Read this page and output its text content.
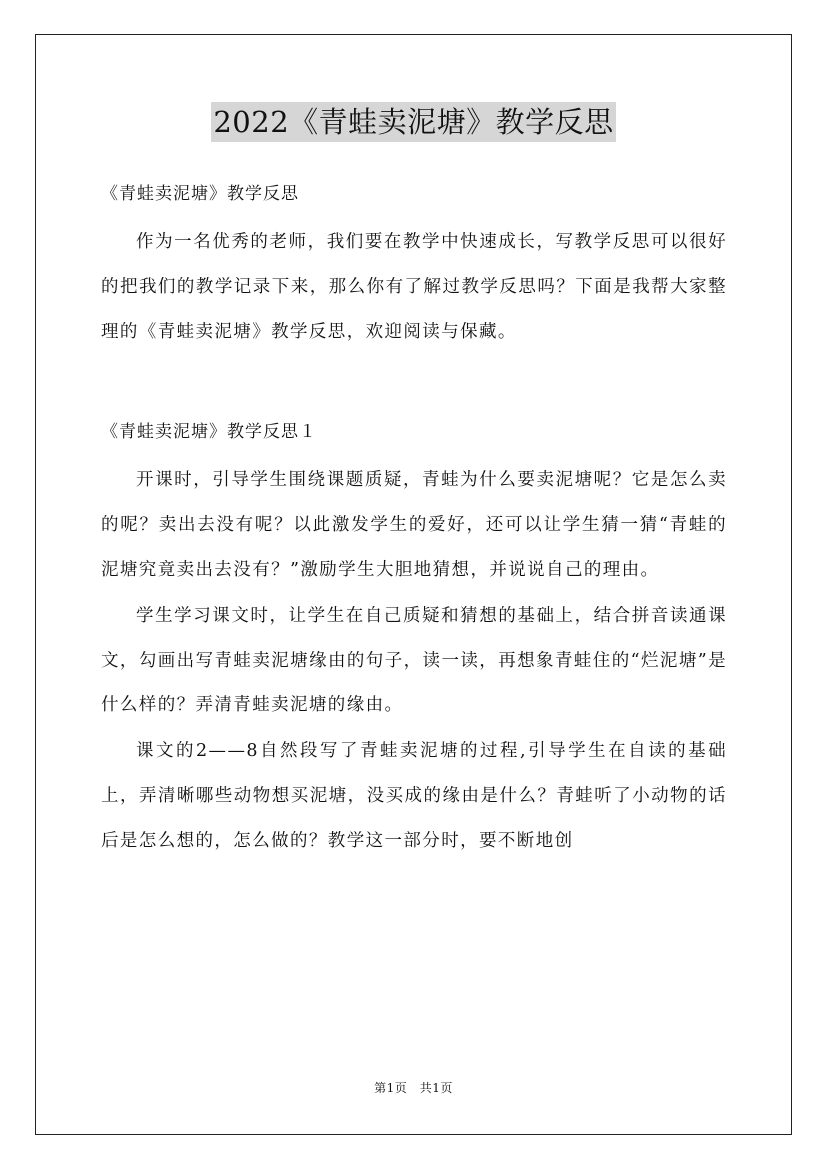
2022《青蛙卖泥塘》教学反思

《青蛙卖泥塘》教学反思

作为一名优秀的老师，我们要在教学中快速成长，写教学反思可以很好的把我们的教学记录下来，那么你有了解过教学反思吗？下面是我帮大家整理的《青蛙卖泥塘》教学反思，欢迎阅读与保藏。

《青蛙卖泥塘》教学反思１

开课时，引导学生围绕课题质疑，青蛙为什么要卖泥塘呢？它是怎么卖的呢？卖出去没有呢？以此激发学生的爱好，还可以让学生猜一猜“青蛙的泥塘究竟卖出去没有？”激励学生大胆地猜想，并说说自己的理由。

学生学习课文时，让学生在自己质疑和猜想的基础上，结合拼音读通课文，勾画出写青蛙卖泥塘缘由的句子，读一读，再想象青蛙住的“烂泥塘”是什么样的？弄清青蛙卖泥塘的缘由。

课文的2——8自然段写了青蛙卖泥塘的过程,引导学生在自读的基础上，弄清晰哪些动物想买泥塘，没买成的缘由是什么？青蛙听了小动物的话后是怎么想的，怎么做的？教学这一部分时，要不断地创

第1页　共1页
